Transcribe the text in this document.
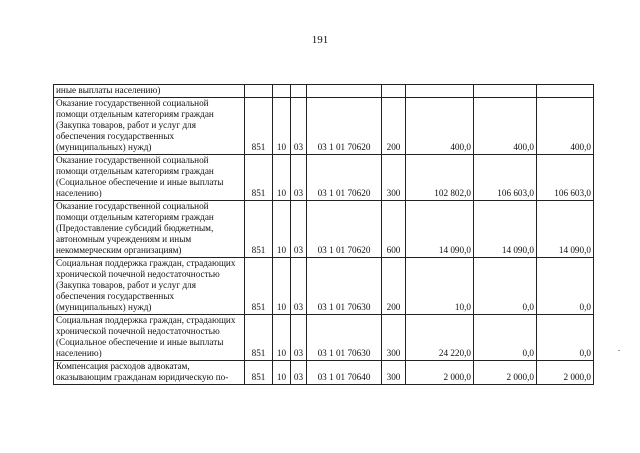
191
иные выплаты населению)								
Оказание государственной социальной помощи отдельным категориям граждан (Закупка товаров, работ и услуг для обеспечения государственных (муниципальных) нужд)	851	10	03	03 1 01 70620	200	400,0	400,0	400,0
Оказание государственной социальной помощи отдельным категориям граждан (Социальное обеспечение и иные выплаты населению)	851	10	03	03 1 01 70620	300	102 802,0	106 603,0	106 603,0
Оказание государственной социальной помощи отдельным категориям граждан (Предоставление субсидий бюджетным, автономным учреждениям и иным некоммерческим организациям)	851	10	03	03 1 01 70620	600	14 090,0	14 090,0	14 090,0
Социальная поддержка граждан, страдающих хронической почечной недостаточностью (Закупка товаров, работ и услуг для обеспечения государственных (муниципальных) нужд)	851	10	03	03 1 01 70630	200	10,0	0,0	0,0
Социальная поддержка граждан, страдающих хронической почечной недостаточностью (Социальное обеспечение и иные выплаты населению)	851	10	03	03 1 01 70630	300	24 220,0	0,0	0,0
Компенсация расходов адвокатам, оказывающим гражданам юридическую по-	851	10	03	03 1 01 70640	300	2 000,0	2 000,0	2 000,0
